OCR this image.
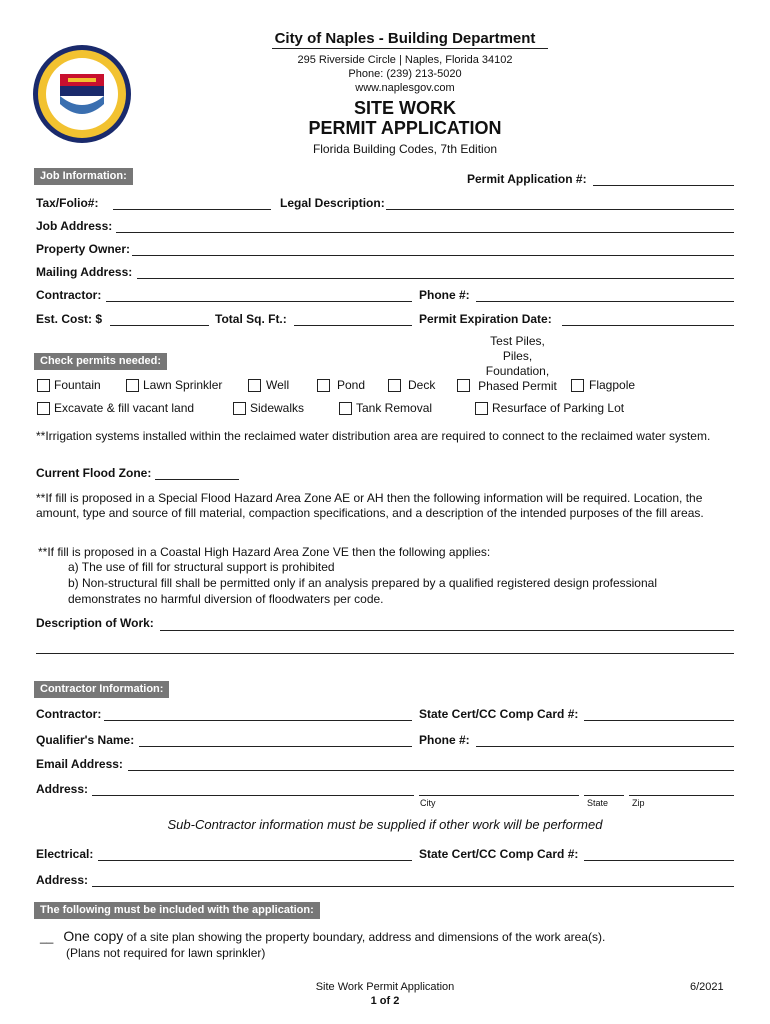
City of Naples - Building Department
295 Riverside Circle | Naples, Florida 34102
Phone: (239) 213-5020
www.naplesgov.com
SITE WORK
PERMIT APPLICATION
Florida Building Codes, 7th Edition
Job Information:	Permit Application #:
Tax/Folio#:	Legal Description:
Job Address:
Property Owner:
Mailing Address:
Contractor:	Phone #:
Est. Cost: $	Total Sq. Ft.:	Permit Expiration Date:
Check permits needed:
Test Piles,
Piles,
Foundation,
Phased Permit
Fountain	Lawn Sprinkler	Well	Pond	Deck	Flagpole
Excavate & fill vacant land	Sidewalks	Tank Removal	Resurface of Parking Lot
**Irrigation systems installed within the reclaimed water distribution area are required to connect to the reclaimed water system.
Current Flood Zone:
**If fill is proposed in a Special Flood Hazard Area Zone AE or AH then the following information will be required. Location, the amount, type and source of fill material, compaction specifications, and a description of the intended purposes of the fill areas.
**If fill is proposed in a Coastal High Hazard Area Zone VE then the following applies:
a) The use of fill for structural support is prohibited
b) Non-structural fill shall be permitted only if an analysis prepared by a qualified registered design professional
demonstrates no harmful diversion of floodwaters per code.
Description of Work:
Contractor Information:
Contractor:	State Cert/CC Comp Card #:
Qualifier's Name:	Phone #:
Email Address:
Address:
City	State	Zip
Sub-Contractor information must be supplied if other work will be performed
Electrical:	State Cert/CC Comp Card #:
Address:
The following must be included with the application:
__ One copy of a site plan showing the property boundary, address and dimensions of the work area(s).
(Plans not required for lawn sprinkler)
Site Work Permit Application
1 of 2
6/2021
